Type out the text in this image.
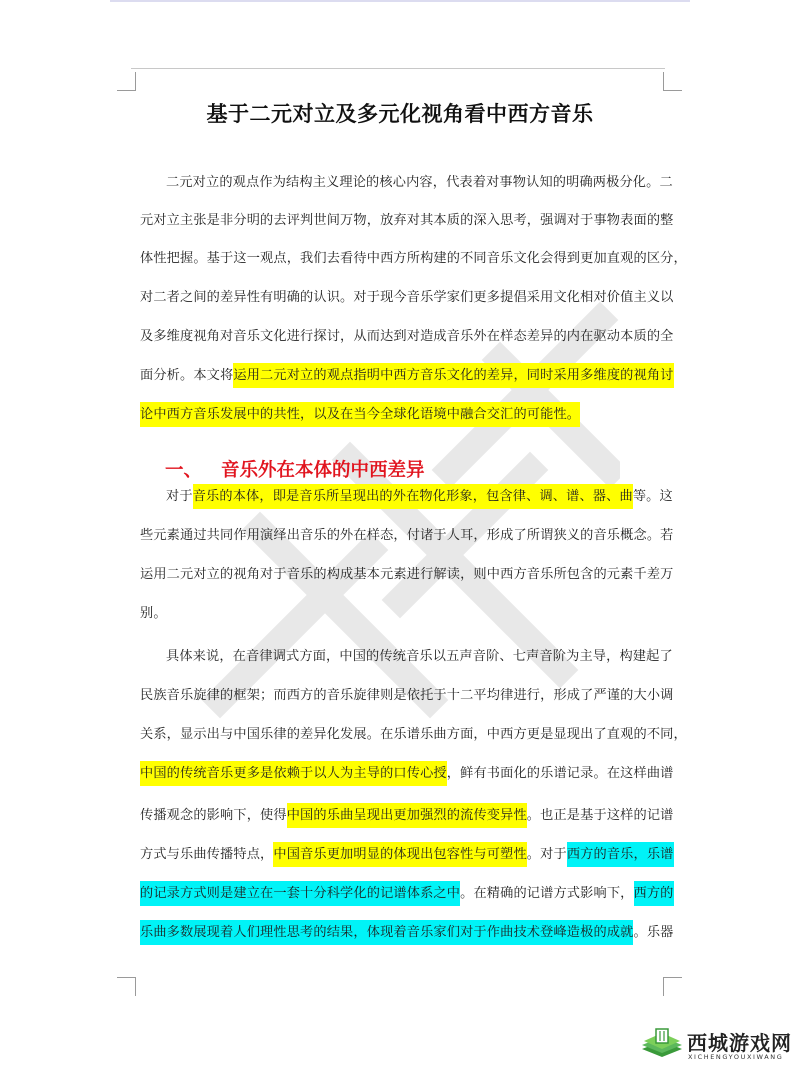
基于二元对立及多元化视角看中西方音乐
二元对立的观点作为结构主义理论的核心内容，代表着对事物认知的明确两极分化。二
元对立主张是非分明的去评判世间万物，放弃对其本质的深入思考，强调对于事物表面的整
体性把握。基于这一观点，我们去看待中西方所构建的不同音乐文化会得到更加直观的区分，
对二者之间的差异性有明确的认识。对于现今音乐学家们更多提倡采用文化相对价值主义以
及多维度视角对音乐文化进行探讨，从而达到对造成音乐外在样态差异的内在驱动本质的全
面分析。本文将运用二元对立的观点指明中西方音乐文化的差异，同时采用多维度的视角讨
论中西方音乐发展中的共性，以及在当今全球化语境中融合交汇的可能性。
对于音乐的本体，即是音乐所呈现出的外在物化形象，包含律、调、谱、器、曲等。这
些元素通过共同作用演绎出音乐的外在样态，付诸于人耳，形成了所谓狭义的音乐概念。若
运用二元对立的视角对于音乐的构成基本元素进行解读，则中西方音乐所包含的元素千差万
别。
具体来说，在音律调式方面，中国的传统音乐以五声音阶、七声音阶为主导，构建起了
民族音乐旋律的框架；而西方的音乐旋律则是依托于十二平均律进行，形成了严谨的大小调
关系，显示出与中国乐律的差异化发展。在乐谱乐曲方面，中西方更是显现出了直观的不同，
中国的传统音乐更多是依赖于以人为主导的口传心授，鲜有书面化的乐谱记录。在这样曲谱
传播观念的影响下，使得中国的乐曲呈现出更加强烈的流传变异性。也正是基于这样的记谱
方式与乐曲传播特点，中国音乐更加明显的体现出包容性与可塑性。对于西方的音乐，乐谱
的记录方式则是建立在一套十分科学化的记谱体系之中。在精确的记谱方式影响下，西方的
乐曲多数展现着人们理性思考的结果，体现着音乐家们对于作曲技术登峰造极的成就。乐器
一、 音乐外在本体的中西差异
西城游戏网
XICHENGYOUXIWANG
